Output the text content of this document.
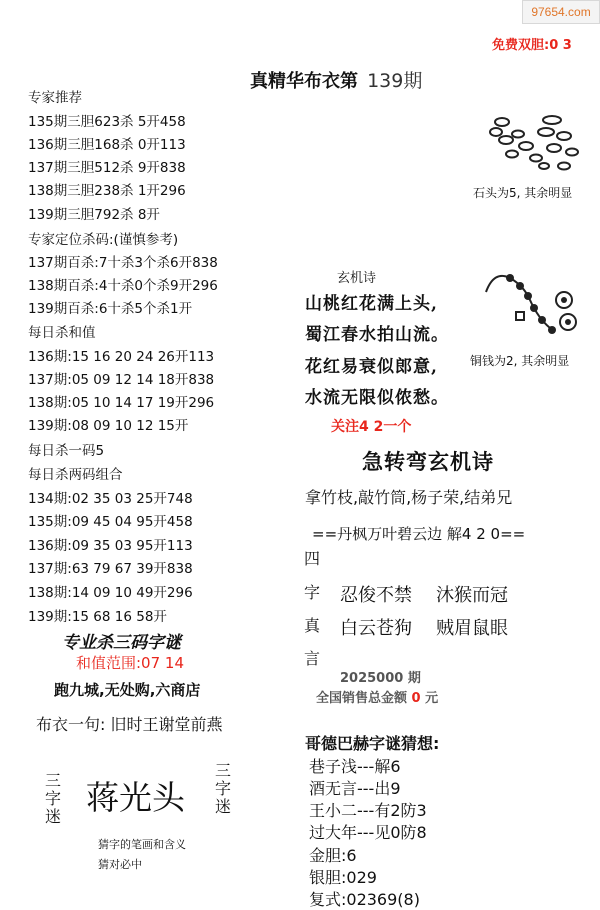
97654.com
免费双胆:0 3
真精华布衣第 139期
专家推荐
135期三胆623杀 5开458
136期三胆168杀 0开113
137期三胆512杀 9开838
138期三胆238杀 1开296
139期三胆792杀 8开
专家定位杀码:(谨慎参考)
137期百杀:7十杀3个杀6开838
138期百杀:4十杀0个杀9开296
139期百杀:6十杀5个杀1开
每日杀和值
136期:15 16 20 24 26开113
137期:05 09 12 14 18开838
138期:05 10 14 17 19开296
139期:08 09 10 12 15开
每日杀一码5
每日杀两码组合
134期:02 35 03 25开748
135期:09 45 04 95开458
136期:09 35 03 95开113
137期:63 79 67 39开838
138期:14 09 10 49开296
139期:15 68 16 58开
专业杀三码字谜
和值范围:07 14
跑九城,无处购,六商店
布衣一句: 旧时王谢堂前燕
三字迷 蒋光头
三字迷
猜字的笔画和含义
猜对必中
石头为5, 其余明显
铜钱为2, 其余明显
玄机诗
山桃红花满上头,
蜀江春水拍山流。
花红易衰似郎意,
水流无限似侬愁。
关注4 2一个
急转弯玄机诗
拿竹枝,敲竹筒,杨子荣,结弟兄
==丹枫万叶碧云边 解4 2 0==
四
字
真
言
忍俊不禁 沐猴而冠
白云苍狗 贼眉鼠眼
2025000 期
全国销售总金额 0 元
哥德巴赫字谜猜想:
巷子浅---解6
酒无言---出9
王小二---有2防3
过大年---见0防8
金胆:6
银胆:029
复式:02369(8)
